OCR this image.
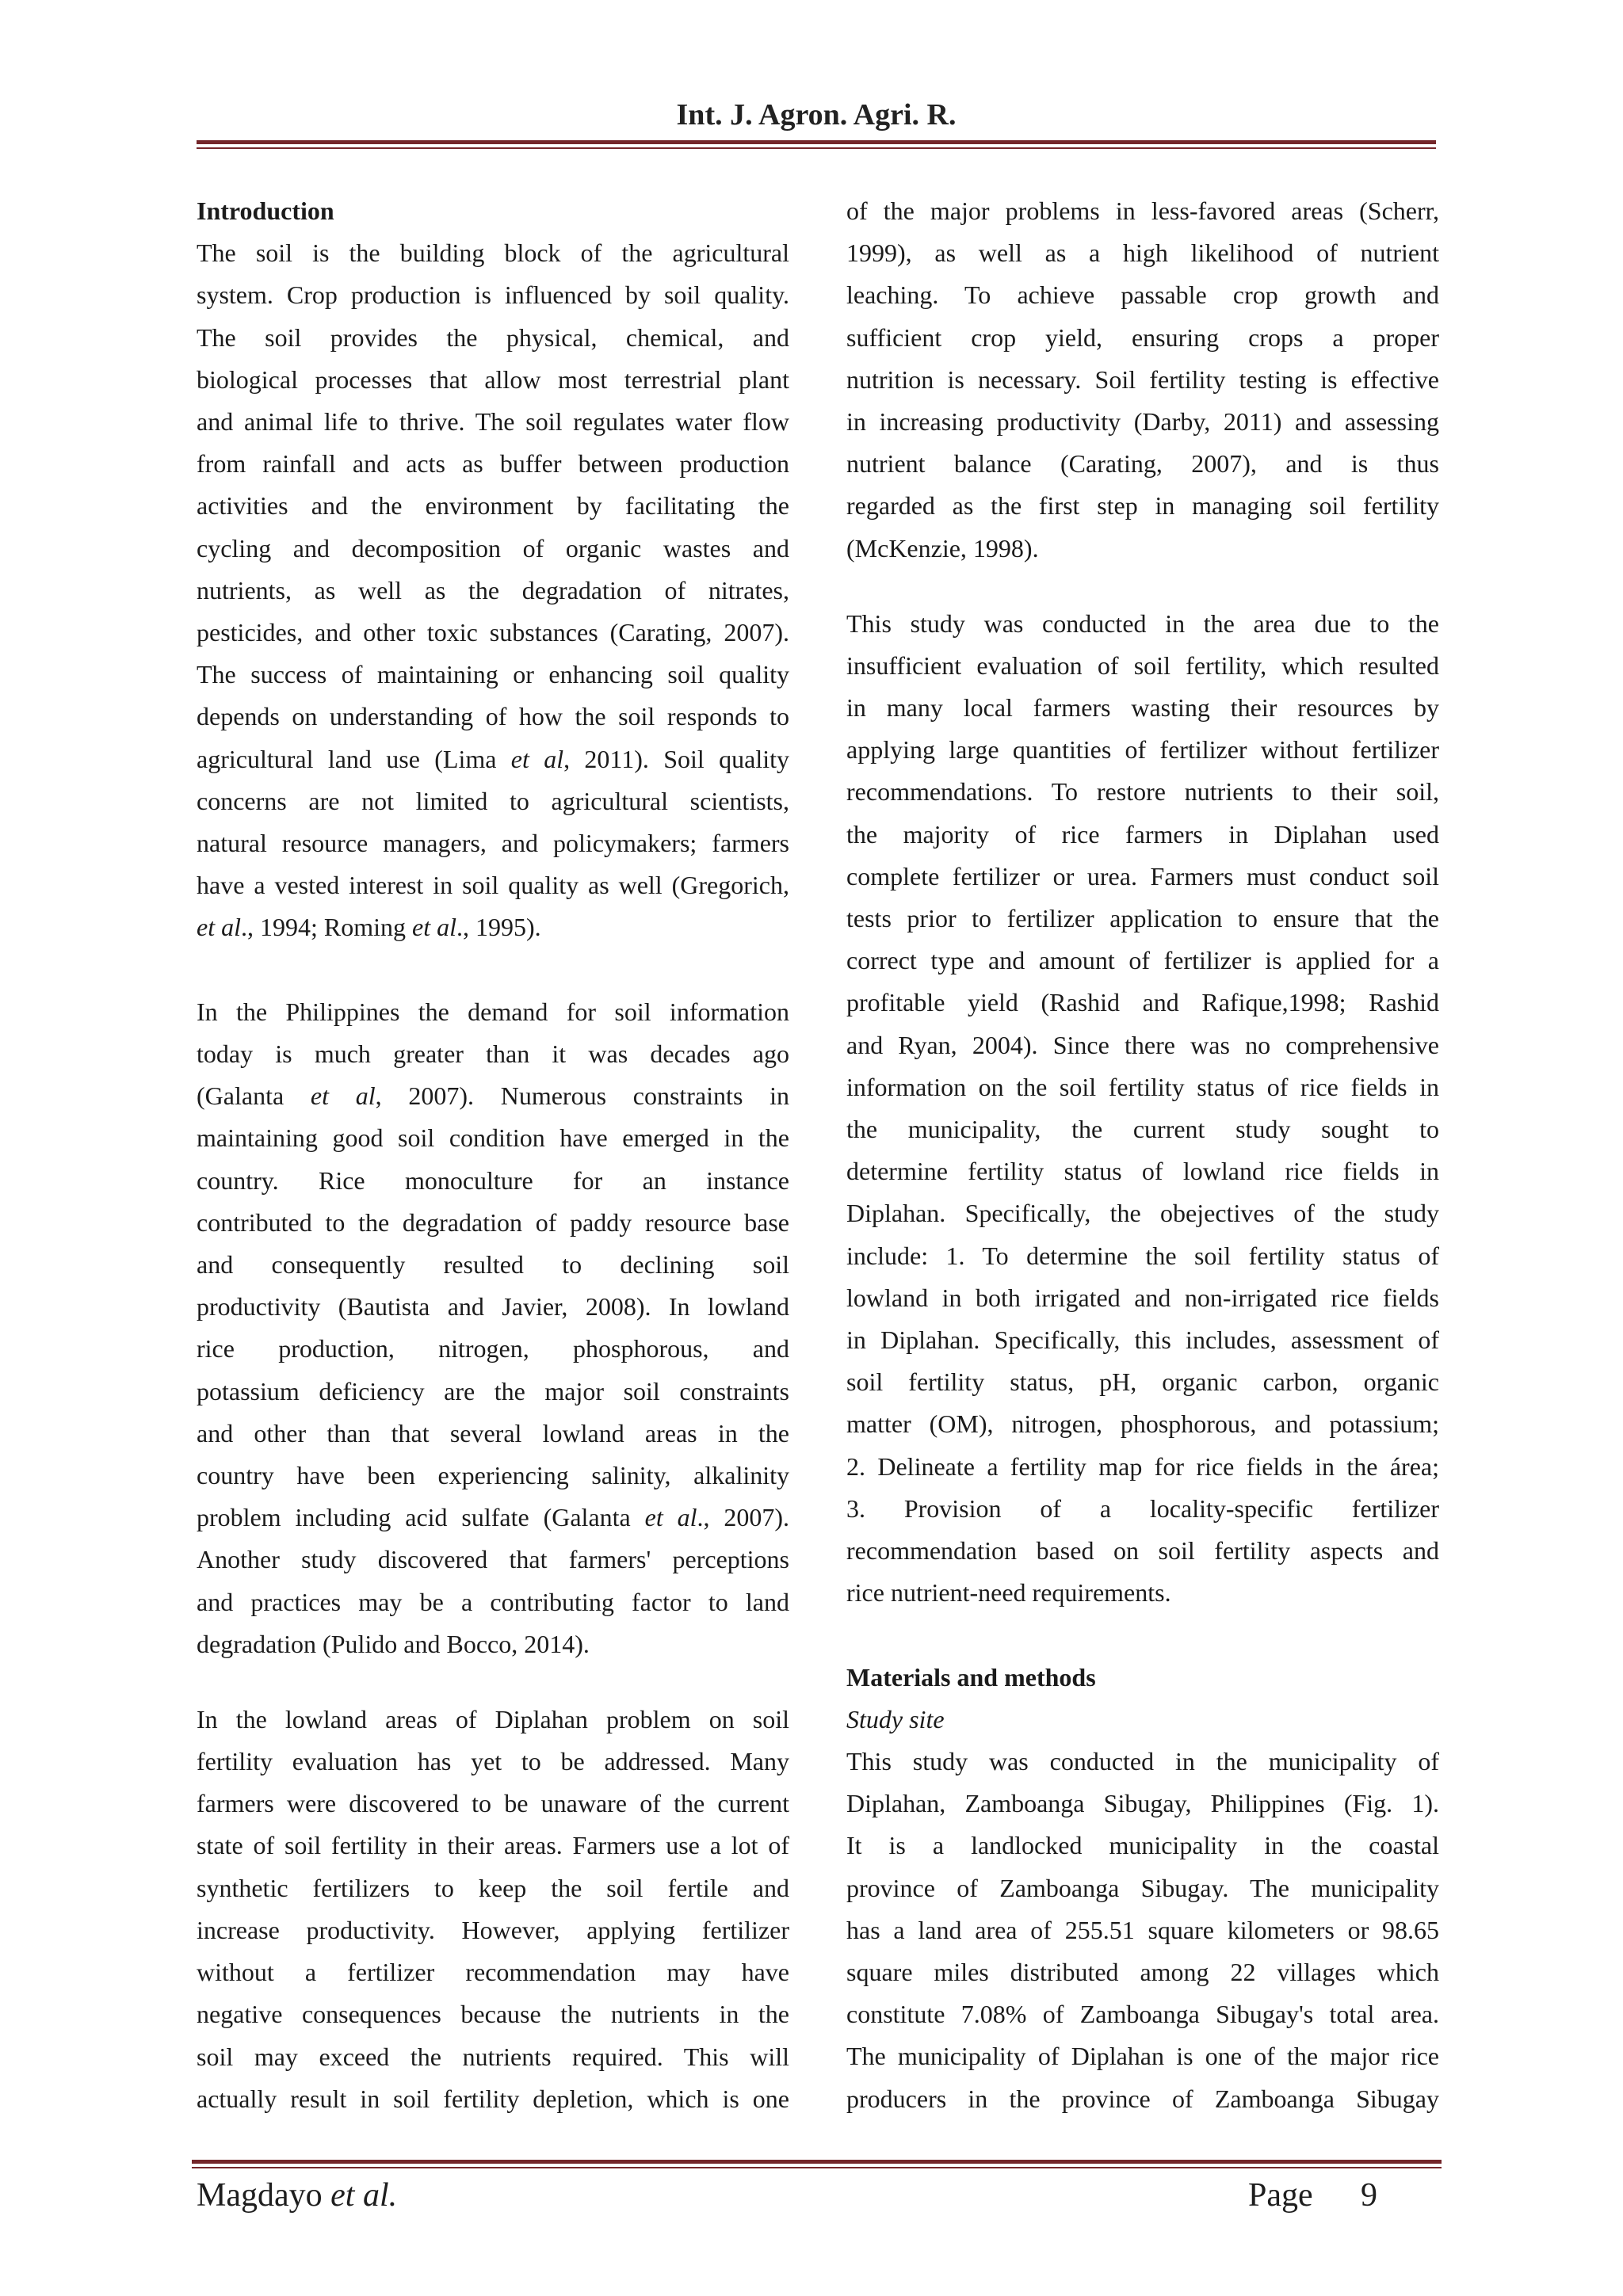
Int. J. Agron. Agri. R.
Introduction
The soil is the building block of the agricultural
system. Crop production is influenced by soil quality.
The soil provides the physical, chemical, and
biological processes that allow most terrestrial plant
and animal life to thrive. The soil regulates water flow
from rainfall and acts as buffer between production
activities and the environment by facilitating the
cycling and decomposition of organic wastes and
nutrients, as well as the degradation of nitrates,
pesticides, and other toxic substances (Carating, 2007).
The success of maintaining or enhancing soil quality
depends on understanding of how the soil responds to
agricultural land use (Lima et al, 2011). Soil quality
concerns are not limited to agricultural scientists,
natural resource managers, and policymakers; farmers
have a vested interest in soil quality as well (Gregorich,
et al., 1994; Roming et al., 1995).
In the Philippines the demand for soil information
today is much greater than it was decades ago
(Galanta et al, 2007). Numerous constraints in
maintaining good soil condition have emerged in the
country. Rice monoculture for an instance
contributed to the degradation of paddy resource base
and consequently resulted to declining soil
productivity (Bautista and Javier, 2008). In lowland
rice production, nitrogen, phosphorous, and
potassium deficiency are the major soil constraints
and other than that several lowland areas in the
country have been experiencing salinity, alkalinity
problem including acid sulfate (Galanta et al., 2007).
Another study discovered that farmers' perceptions
and practices may be a contributing factor to land
degradation (Pulido and Bocco, 2014).
In the lowland areas of Diplahan problem on soil
fertility evaluation has yet to be addressed. Many
farmers were discovered to be unaware of the current
state of soil fertility in their areas. Farmers use a lot of
synthetic fertilizers to keep the soil fertile and
increase productivity. However, applying fertilizer
without a fertilizer recommendation may have
negative consequences because the nutrients in the
soil may exceed the nutrients required. This will
actually result in soil fertility depletion, which is one
of the major problems in less-favored areas (Scherr,
1999), as well as a high likelihood of nutrient
leaching. To achieve passable crop growth and
sufficient crop yield, ensuring crops a proper
nutrition is necessary. Soil fertility testing is effective
in increasing productivity (Darby, 2011) and assessing
nutrient balance (Carating, 2007), and is thus
regarded as the first step in managing soil fertility
(McKenzie, 1998).
This study was conducted in the area due to the
insufficient evaluation of soil fertility, which resulted
in many local farmers wasting their resources by
applying large quantities of fertilizer without fertilizer
recommendations. To restore nutrients to their soil,
the majority of rice farmers in Diplahan used
complete fertilizer or urea. Farmers must conduct soil
tests prior to fertilizer application to ensure that the
correct type and amount of fertilizer is applied for a
profitable yield (Rashid and Rafique,1998; Rashid
and Ryan, 2004). Since there was no comprehensive
information on the soil fertility status of rice fields in
the municipality, the current study sought to
determine fertility status of lowland rice fields in
Diplahan. Specifically, the obejectives of the study
include: 1. To determine the soil fertility status of
lowland in both irrigated and non-irrigated rice fields
in Diplahan. Specifically, this includes, assessment of
soil fertility status, pH, organic carbon, organic
matter (OM), nitrogen, phosphorous, and potassium;
2. Delineate a fertility map for rice fields in the área;
3. Provision of a locality-specific fertilizer
recommendation based on soil fertility aspects and
rice nutrient-need requirements.
Materials and methods
Study site
This study was conducted in the municipality of
Diplahan, Zamboanga Sibugay, Philippines (Fig. 1).
It is a landlocked municipality in the coastal
province of Zamboanga Sibugay. The municipality
has a land area of 255.51 square kilometers or 98.65
square miles distributed among 22 villages which
constitute 7.08% of Zamboanga Sibugay's total area.
The municipality of Diplahan is one of the major rice
producers in the province of Zamboanga Sibugay
Magdayo et al.	Page 9
